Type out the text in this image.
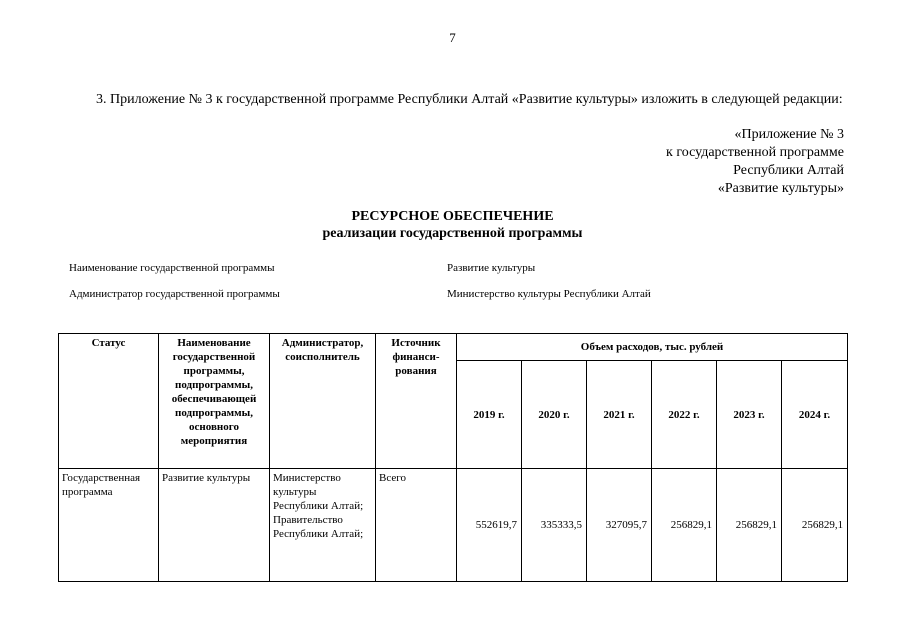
7
3. Приложение № 3 к государственной программе Республики Алтай «Развитие культуры» изложить в следующей редакции:
«Приложение № 3
к государственной программе
Республики Алтай
«Развитие культуры»
РЕСУРСНОЕ ОБЕСПЕЧЕНИЕ
реализации государственной программы
Наименование государственной программы	Развитие культуры
Администратор государственной программы	Министерство культуры Республики Алтай
Статус	Наименование государственной программы, подпрограммы, обеспечивающей подпрограммы, основного мероприятия	Администратор, соисполнитель	Источник финанси-рования	Объем расходов, тыс. рублей					
				2019 г.	2020 г.	2021 г.	2022 г.	2023 г.	2024 г.
Государственная программа	Развитие культуры	Министерство культуры Республики Алтай; Правительство Республики Алтай;	Всего	552619,7	335333,5	327095,7	256829,1	256829,1	256829,1
